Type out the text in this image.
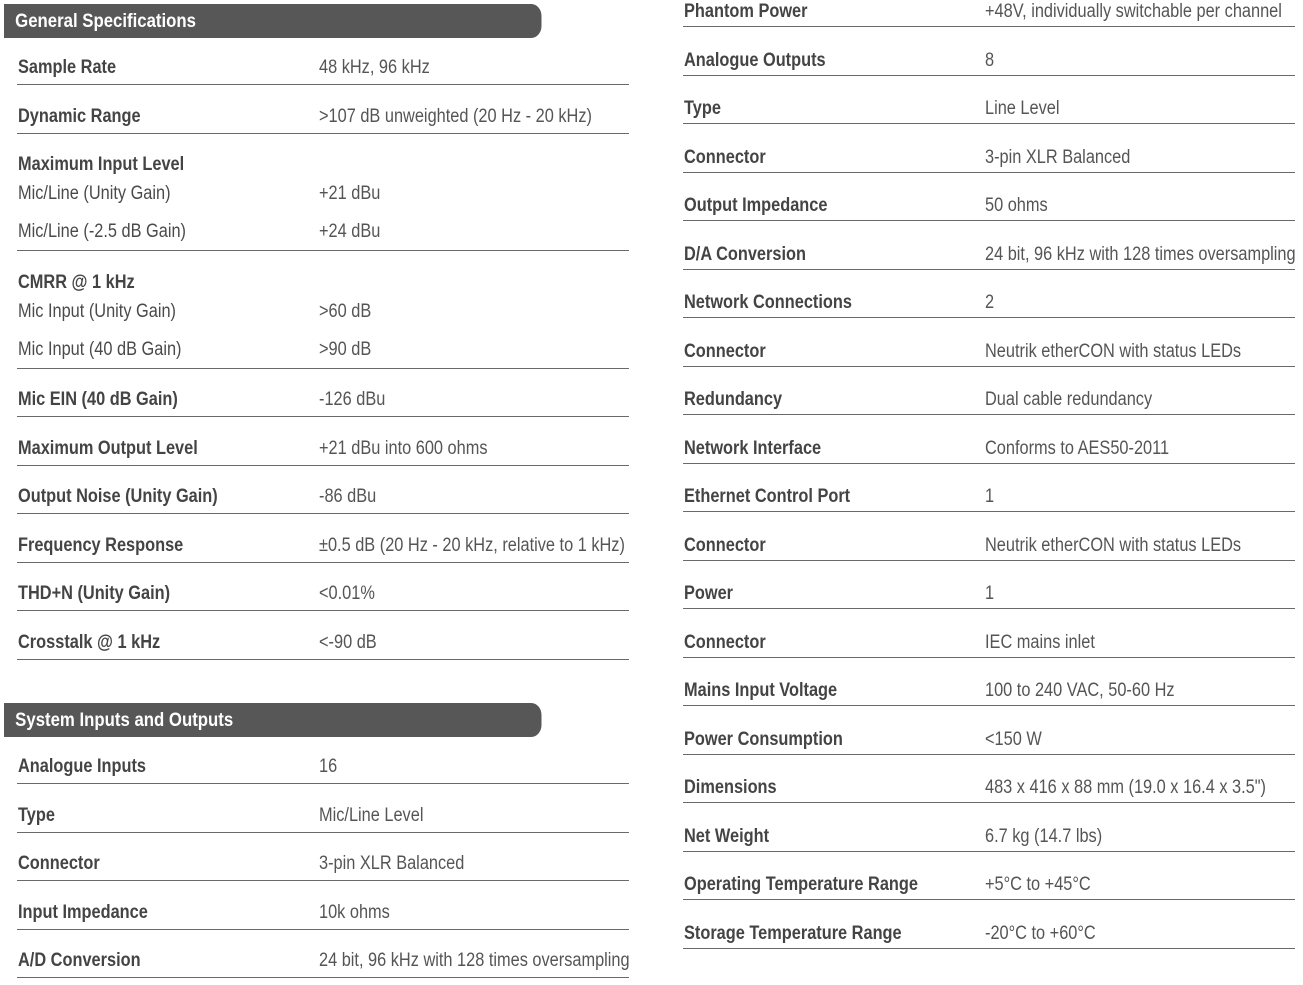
General Specifications
Sample Rate	48 kHz, 96 kHz
Dynamic Range	>107 dB unweighted (20 Hz - 20 kHz)
Maximum Input Level
Mic/Line (Unity Gain)	+21 dBu
Mic/Line (-2.5 dB Gain)	+24 dBu
CMRR @ 1 kHz
Mic Input (Unity Gain)	>60 dB
Mic Input (40 dB Gain)	>90 dB
Mic EIN (40 dB Gain)	-126 dBu
Maximum Output Level	+21 dBu into 600 ohms
Output Noise (Unity Gain)	-86 dBu
Frequency Response	±0.5 dB (20 Hz - 20 kHz, relative to 1 kHz)
THD+N (Unity Gain)	<0.01%
Crosstalk @ 1 kHz	<-90 dB
System Inputs and Outputs
Analogue Inputs	16
Type	Mic/Line Level
Connector	3-pin XLR Balanced
Input Impedance	10k ohms
A/D Conversion	24 bit, 96 kHz with 128 times oversampling
Phantom Power	+48V, individually switchable per channel
Analogue Outputs	8
Type	Line Level
Connector	3-pin XLR Balanced
Output Impedance	50 ohms
D/A Conversion	24 bit, 96 kHz with 128 times oversampling
Network Connections	2
Connector	Neutrik etherCON with status LEDs
Redundancy	Dual cable redundancy
Network Interface	Conforms to AES50-2011
Ethernet Control Port	1
Connector	Neutrik etherCON with status LEDs
Power	1
Connector	IEC mains inlet
Mains Input Voltage	100 to 240 VAC, 50-60 Hz
Power Consumption	<150 W
Dimensions	483 x 416 x 88 mm (19.0 x 16.4 x 3.5")
Net Weight	6.7 kg (14.7 lbs)
Operating Temperature Range	+5°C to +45°C
Storage Temperature Range	-20°C to +60°C
